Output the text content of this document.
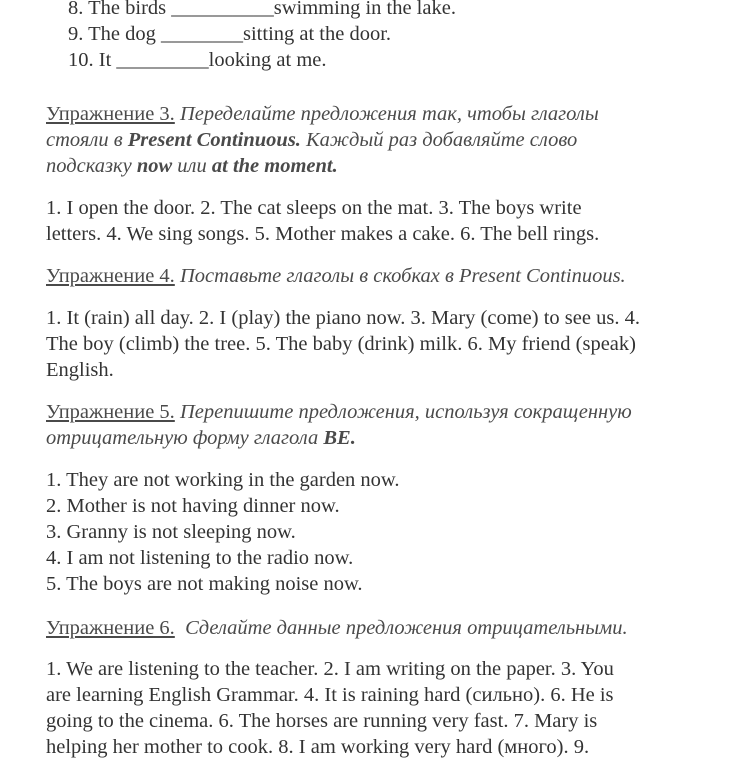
8. The birds __________swimming in the lake.
9. The dog ________sitting at the door.
10. It _________looking at me.
Упражнение 3. Переделайте предложения так, чтобы глаголы
стояли в Present Continuous. Каждый раз добавляйте слово
подсказку now или at the moment.
1. I open the door. 2. The cat sleeps on the mat. 3. The boys write
letters. 4. We sing songs. 5. Mother makes a cake. 6. The bell rings.
Упражнение 4. Поставьте глаголы в скобках в Present Continuous.
1. It (rain) all day. 2. I (play) the piano now. 3. Mary (come) to see us. 4.
The boy (climb) the tree. 5. The baby (drink) milk. 6. My friend (speak)
English.
Упражнение 5. Перепишите предложения, используя сокращенную
отрицательную форму глагола BE.
1. They are not working in the garden now.
2. Mother is not having dinner now.
3. Granny is not sleeping now.
4. I am not listening to the radio now.
5. The boys are not making noise now.
Упражнение 6.  Сделайте данные предложения отрицательными.
1. We are listening to the teacher. 2. I am writing on the paper. 3. You
are learning English Grammar. 4. It is raining hard (сильно). 6. He is
going to the cinema. 6. The horses are running very fast. 7. Mary is
helping her mother to cook. 8. I am working very hard (много). 9.
